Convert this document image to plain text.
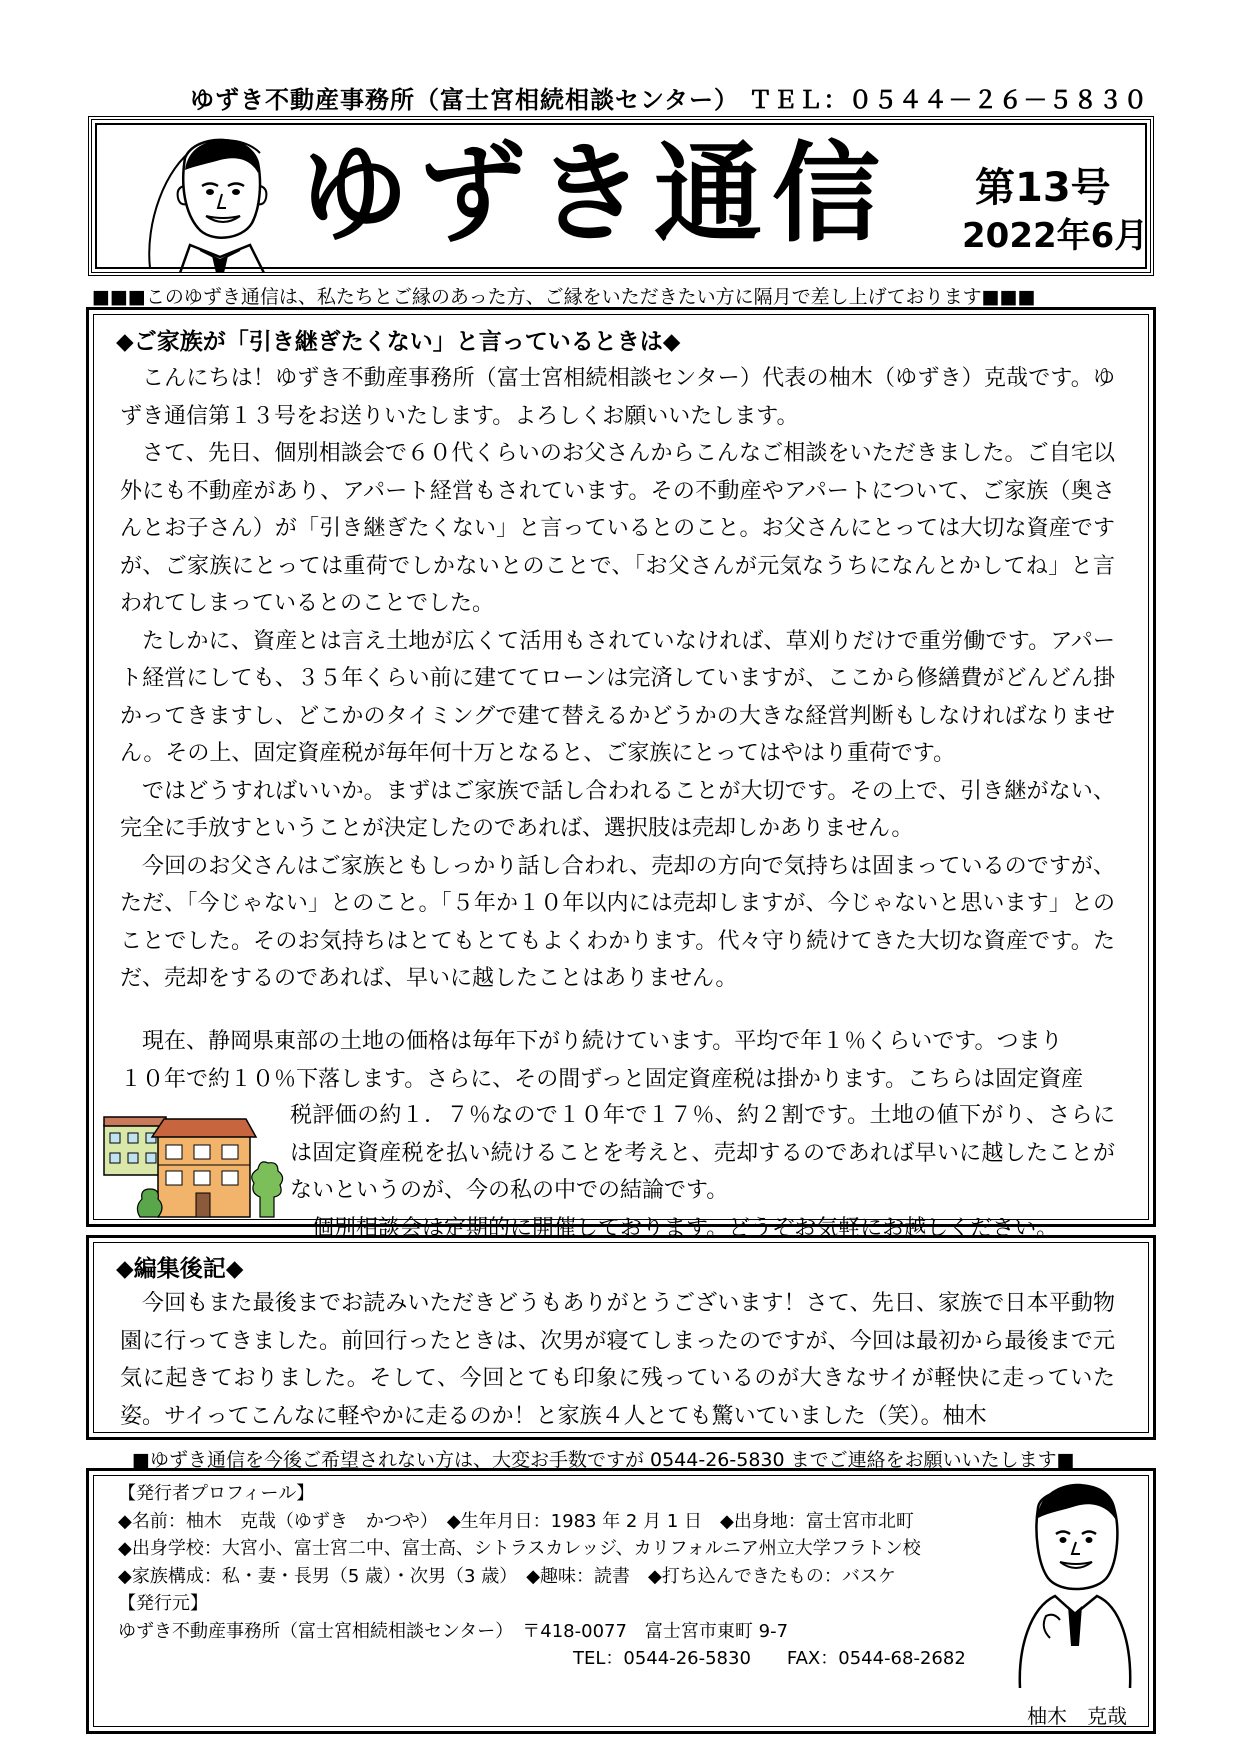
ゆずき不動産事務所（富士宮相続相談センター） ＴＥＬ：０５４４－２６－５８３０
ゆずき通信	第13号
2022年6月
■■■このゆずき通信は、私たちとご縁のあった方、ご縁をいただきたい方に隔月で差し上げております■■■
◆ご家族が「引き継ぎたくない」と言っているときは◆

こんにちは！ゆずき不動産事務所（富士宮相続相談センター）代表の柚木（ゆずき）克哉です。ゆずき通信第１３号をお送りいたします。よろしくお願いいたします。

さて、先日、個別相談会で６０代くらいのお父さんからこんなご相談をいただきました。ご自宅以外にも不動産があり、アパート経営もされています。その不動産やアパートについて、ご家族（奥さんとお子さん）が「引き継ぎたくない」と言っているとのこと。お父さんにとっては大切な資産ですが、ご家族にとっては重荷でしかないとのことで、「お父さんが元気なうちになんとかしてね」と言われてしまっているとのことでした。

たしかに、資産とは言え土地が広くて活用もされていなければ、草刈りだけで重労働です。アパート経営にしても、３５年くらい前に建ててローンは完済していますが、ここから修繕費がどんどん掛かってきますし、どこかのタイミングで建て替えるかどうかの大きな経営判断もしなければなりません。その上、固定資産税が毎年何十万となると、ご家族にとってはやはり重荷です。

ではどうすればいいか。まずはご家族で話し合われることが大切です。その上で、引き継がない、完全に手放すということが決定したのであれば、選択肢は売却しかありません。

今回のお父さんはご家族ともしっかり話し合われ、売却の方向で気持ちは固まっているのですが、ただ、「今じゃない」とのこと。「５年か１０年以内には売却しますが、今じゃないと思います」とのことでした。そのお気持ちはとてもとてもよくわかります。代々守り続けてきた大切な資産です。ただ、売却をするのであれば、早いに越したことはありません。

現在、静岡県東部の土地の価格は毎年下がり続けています。平均で年１％くらいです。つまり

１０年で約１０％下落します。さらに、その間ずっと固定資産税は掛かります。こちらは固定資産
税評価の約１．７％なので１０年で１７％、約２割です。土地の値下がり、さらには固定資産税を払い続けることを考えと、売却するのであれば早いに越したことがないというのが、今の私の中での結論です。

個別相談会は定期的に開催しております。どうぞお気軽にお越しください。

◆編集後記◆

今回もまた最後までお読みいただきどうもありがとうございます！さて、先日、家族で日本平動物園に行ってきました。前回行ったときは、次男が寝てしまったのですが、今回は最初から最後まで元気に起きておりました。そして、今回とても印象に残っているのが大きなサイが軽快に走っていた姿。サイってこんなに軽やかに走るのか！と家族４人とても驚いていました（笑）。柚木

■ゆずき通信を今後ご希望されない方は、大変お手数ですが 0544-26-5830 までご連絡をお願いいたします■
【発行者プロフィール】
◆名前：柚木　克哉（ゆずき　かつや）　◆生年月日：1983 年 2 月 1 日　◆出身地：富士宮市北町
◆出身学校：大宮小、富士宮二中、富士高、シトラスカレッジ、カリフォルニア州立大学フラトン校
◆家族構成：私・妻・長男（5 歳）・次男（3 歳）　◆趣味：読書　◆打ち込んできたもの：バスケ
【発行元】
ゆずき不動産事務所（富士宮相続相談センター）　〒418-0077　富士宮市東町 9-7
TEL：0544-26-5830　　FAX：0544-68-2682
柚木　克哉
